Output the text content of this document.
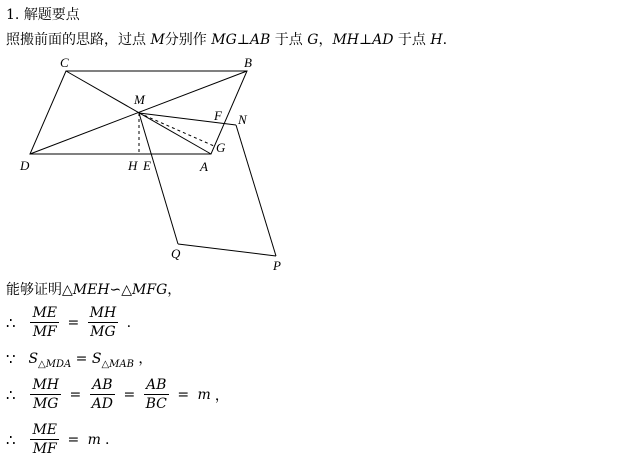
1. 解题要点
照搬前面的思路，过点 M分别作 MG⊥AB 于点 G，MH⊥AD 于点 H.
C	B
M
F N
D	H E	A
G
Q
P
能够证明△MEH∽△MFG，
∴ $\frac{ME}{MF} = \frac{MH}{MG}$ .
∵ $S_{\triangle MDA} = S_{\triangle MAB}$ ，
∴ $\frac{MH}{MG} = \frac{AB}{AD} = \frac{AB}{BC} = m$ ，
∴ $\frac{ME}{MF} = m$ .
